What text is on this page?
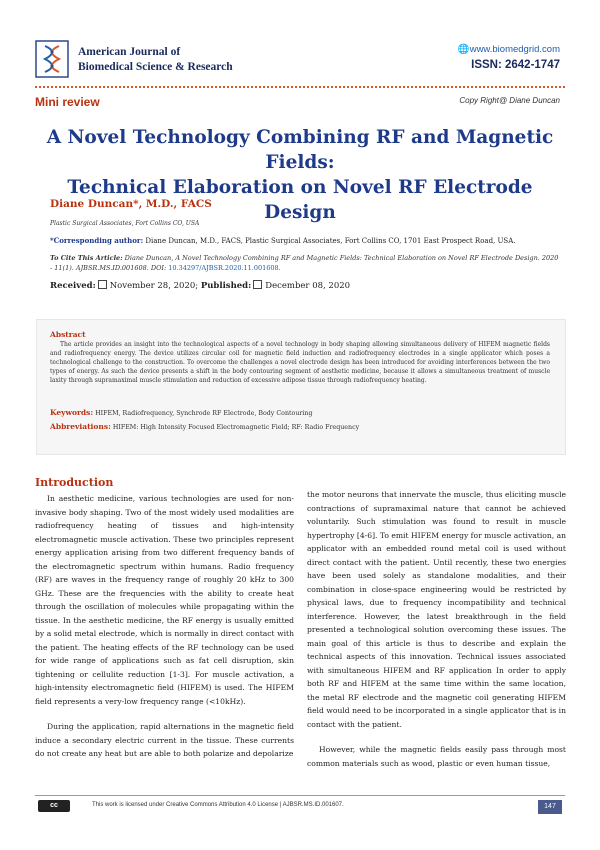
American Journal of
Biomedical Science & Research
🌐www.biomedgrid.com
ISSN: 2642-1747
Mini review	Copy Right@ Diane Duncan
A Novel Technology Combining RF and Magnetic Fields:
Technical Elaboration on Novel RF Electrode Design
Diane Duncan*, M.D., FACS
Plastic Surgical Associates, Fort Collins CO, USA
*Corresponding author: Diane Duncan, M.D., FACS, Plastic Surgical Associates, Fort Collins CO, 1701 East Prospect Road, USA.
To Cite This Article: Diane Duncan, A Novel Technology Combining RF and Magnetic Fields: Technical Elaboration on Novel RF Electrode Design. 2020 - 11(1). AJBSR.MS.ID.001608. DOI: 10.34297/AJBSR.2020.11.001608.
Received: November 28, 2020; Published: December 08, 2020
Abstract
The article provides an insight into the technological aspects of a novel technology in body shaping allowing simultaneous delivery of HIFEM magnetic fields and radiofrequency energy. The device utilizes circular coil for magnetic field induction and radiofrequency electrodes in a single applicator which poses a technological challenge to the construction. To overcome the challenges a novel electrode design has been introduced for avoiding interferences between the two types of energy. As such the device presents a shift in the body contouring segment of aesthetic medicine, because it allows a simultaneous treatment of muscle laxity through supramaximal muscle stimulation and reduction of excessive adipose tissue through radiofrequency heating.
Keywords: HIFEM, Radiofrequency, Synchrode RF Electrode, Body Contouring
Abbreviations: HIFEM: High Intensity Focused Electromagnetic Field; RF: Radio Frequency
Introduction

In aesthetic medicine, various technologies are used for non-invasive body shaping. Two of the most widely used modalities are radiofrequency heating of tissues and high-intensity electromagnetic muscle activation. These two principles represent energy application arising from two different frequency bands of the electromagnetic spectrum within humans. Radio frequency (RF) are waves in the frequency range of roughly 20 kHz to 300 GHz. These are the frequencies with the ability to create heat through the oscillation of molecules while propagating within the tissue. In the aesthetic medicine, the RF energy is usually emitted by a solid metal electrode, which is normally in direct contact with the patient. The heating effects of the RF technology can be used for wide range of applications such as fat cell disruption, skin tightening or cellulite reduction [1-3]. For muscle activation, a high-intensity electromagnetic field (HIFEM) is used. The HIFEM field represents a very-low frequency range (<10kHz).

During the application, rapid alternations in the magnetic field induce a secondary electric current in the tissue. These currents do not create any heat but are able to both polarize and depolarize

the motor neurons that innervate the muscle, thus eliciting muscle contractions of supramaximal nature that cannot be achieved voluntarily. Such stimulation was found to result in muscle hypertrophy [4-6]. To emit HIFEM energy for muscle activation, an applicator with an embedded round metal coil is used without direct contact with the patient. Until recently, these two energies have been used solely as standalone modalities, and their combination in close-space engineering would be restricted by physical laws, due to frequency incompatibility and technical interference. However, the latest breakthrough in the field presented a technological solution overcoming these issues. The main goal of this article is thus to describe and explain the technical aspects of this innovation. Technical issues associated with simultaneous HIFEM and RF application In order to apply both RF and HIFEM at the same time within the same location, the metal RF electrode and the magnetic coil generating HIFEM field would need to be incorporated in a single applicator that is in contact with the patient.

However, while the magnetic fields easily pass through most common materials such as wood, plastic or even human tissue,

cc	This work is licensed under Creative Commons Attribution 4.0 License | AJBSR.MS.ID.001607.	147
